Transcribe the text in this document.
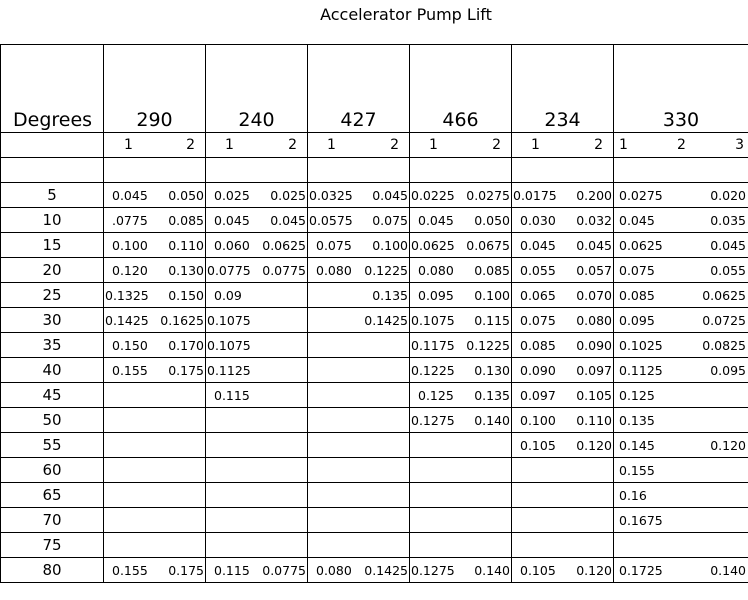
Accelerator Pump Lift
Degrees	290	240	427	466	234	330

	1 2	1 2	1 2	1 2	1 2	1 2 3

5	0.045 0.050	0.025 0.025	0.0325 0.045	0.0225 0.0275	0.0175 0.200	0.0275 0.020

10	.0775 0.085	0.045 0.045	0.0575 0.075	0.045 0.050	0.030 0.032	0.045 0.035

15	0.100 0.110	0.060 0.0625	0.075 0.100	0.0625 0.0675	0.045 0.045	0.0625 0.045

20	0.120 0.130	0.0775 0.0775	0.080 0.1225	0.080 0.085	0.055 0.057	0.075 0.055

25	0.1325 0.150	0.09	0.135	0.095 0.100	0.065 0.070	0.085 0.0625

30	0.1425 0.1625	0.1075	0.1425	0.1075 0.115	0.075 0.080	0.095 0.0725

35	0.150 0.170	0.1075		0.1175 0.1225	0.085 0.090	0.1025 0.0825

40	0.155 0.175	0.1125		0.1225 0.130	0.090 0.097	0.1125 0.095

45		0.115		0.125 0.135	0.097 0.105	0.125

50				0.1275 0.140	0.100 0.110	0.135

55					0.105 0.120	0.145 0.120

60						0.155

65						0.16

70						0.1675

75	

80	0.155 0.175	0.115 0.0775	0.080 0.1425	0.1275 0.140	0.105 0.120	0.1725 0.140
